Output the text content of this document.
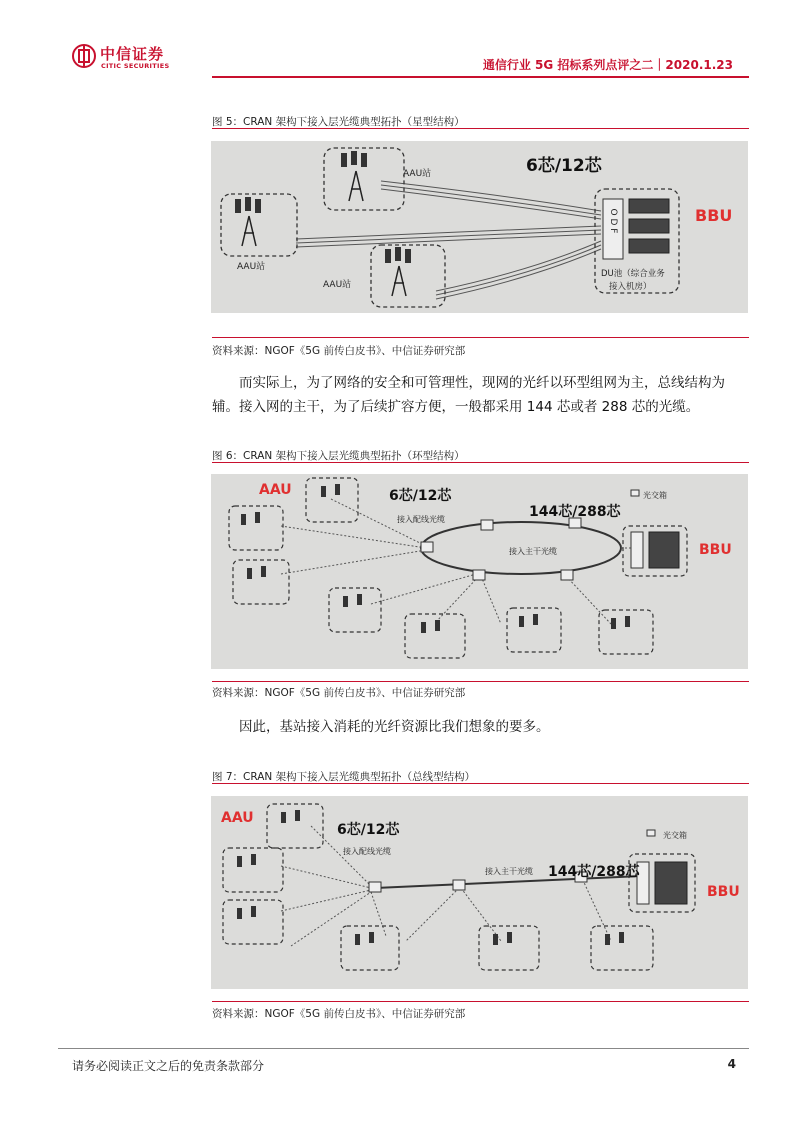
中信证券
CITIC SECURITIES	通信行业 5G 招标系列点评之二｜2020.1.23
图 5：CRAN 架构下接入层光缆典型拓扑（星型结构）
O D F
6芯/12芯
BBU
AAU站
AAU站
AAU站
DU池（综合业务
接入机房）
资料来源：NGOF《5G 前传白皮书》、中信证券研究部

而实际上，为了网络的安全和可管理性，现网的光纤以环型组网为主，总线结构为辅。接入网的主干，为了后续扩容方便，一般都采用 144 芯或者 288 芯的光缆。

图 6：CRAN 架构下接入层光缆典型拓扑（环型结构）
AAU	6芯/12芯
144芯/288芯
BBU
接入配线光缆
接入主干光缆
光交箱
资料来源：NGOF《5G 前传白皮书》、中信证券研究部

因此，基站接入消耗的光纤资源比我们想象的要多。

图 7：CRAN 架构下接入层光缆典型拓扑（总线型结构）
AAU
6芯/12芯
144芯/288芯
BBU
接入配线光缆
接入主干光缆
光交箱
资料来源：NGOF《5G 前传白皮书》、中信证券研究部
请务必阅读正文之后的免责条款部分	4
